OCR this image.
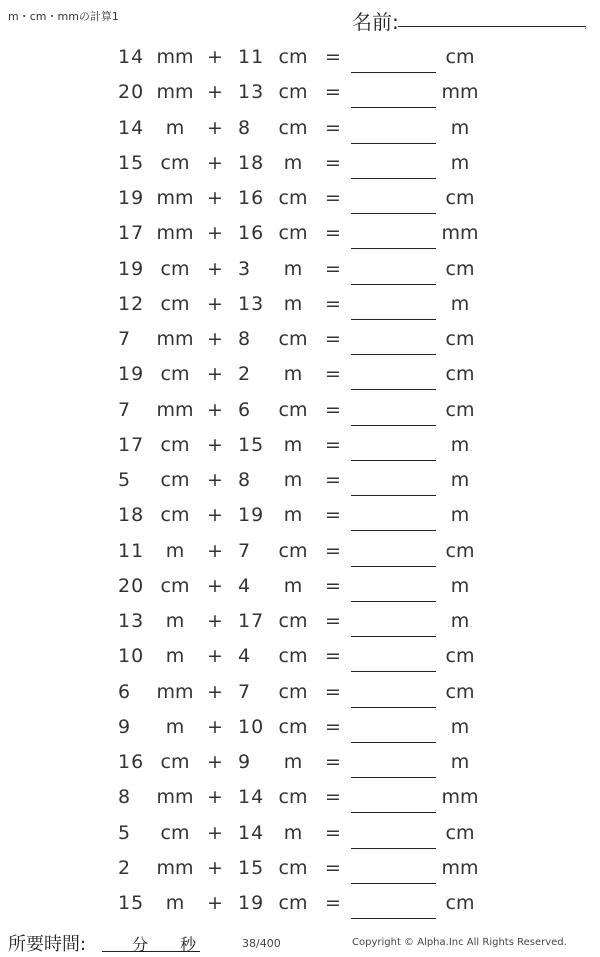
m・cm・mmの計算1	名前:	.
14 mm + 11 cm =	cm
20 mm + 13 cm =	mm
14	m	+ 8	cm =	m
15 cm + 18	m	=	m
19 mm + 16 cm =	cm
17 mm + 16 cm =	mm
19 cm + 3	m	=	cm
12 cm + 13	m	=	m
7	mm + 8	cm =	cm
19 cm + 2	m	=	cm
7	mm + 6	cm =	cm
17 cm + 15	m	=	m
5	cm + 8	m	=	m
18 cm + 19	m	=	m
11	m	+ 7	cm =	cm
20 cm + 4	m	=	m
13	m	+ 17 cm =	m
10	m	+ 4	cm =	cm
6	mm + 7	cm =	cm
9	m	+ 10 cm =	m
16 cm + 9	m	=	m
8	mm + 14 cm =	mm
5	cm + 14	m	=	cm
2	mm + 15 cm =	mm
15	m	+ 19 cm =	cm
所要時間:	分 秒	38/400	Copyright © Alpha.Inc All Rights Reserved.
